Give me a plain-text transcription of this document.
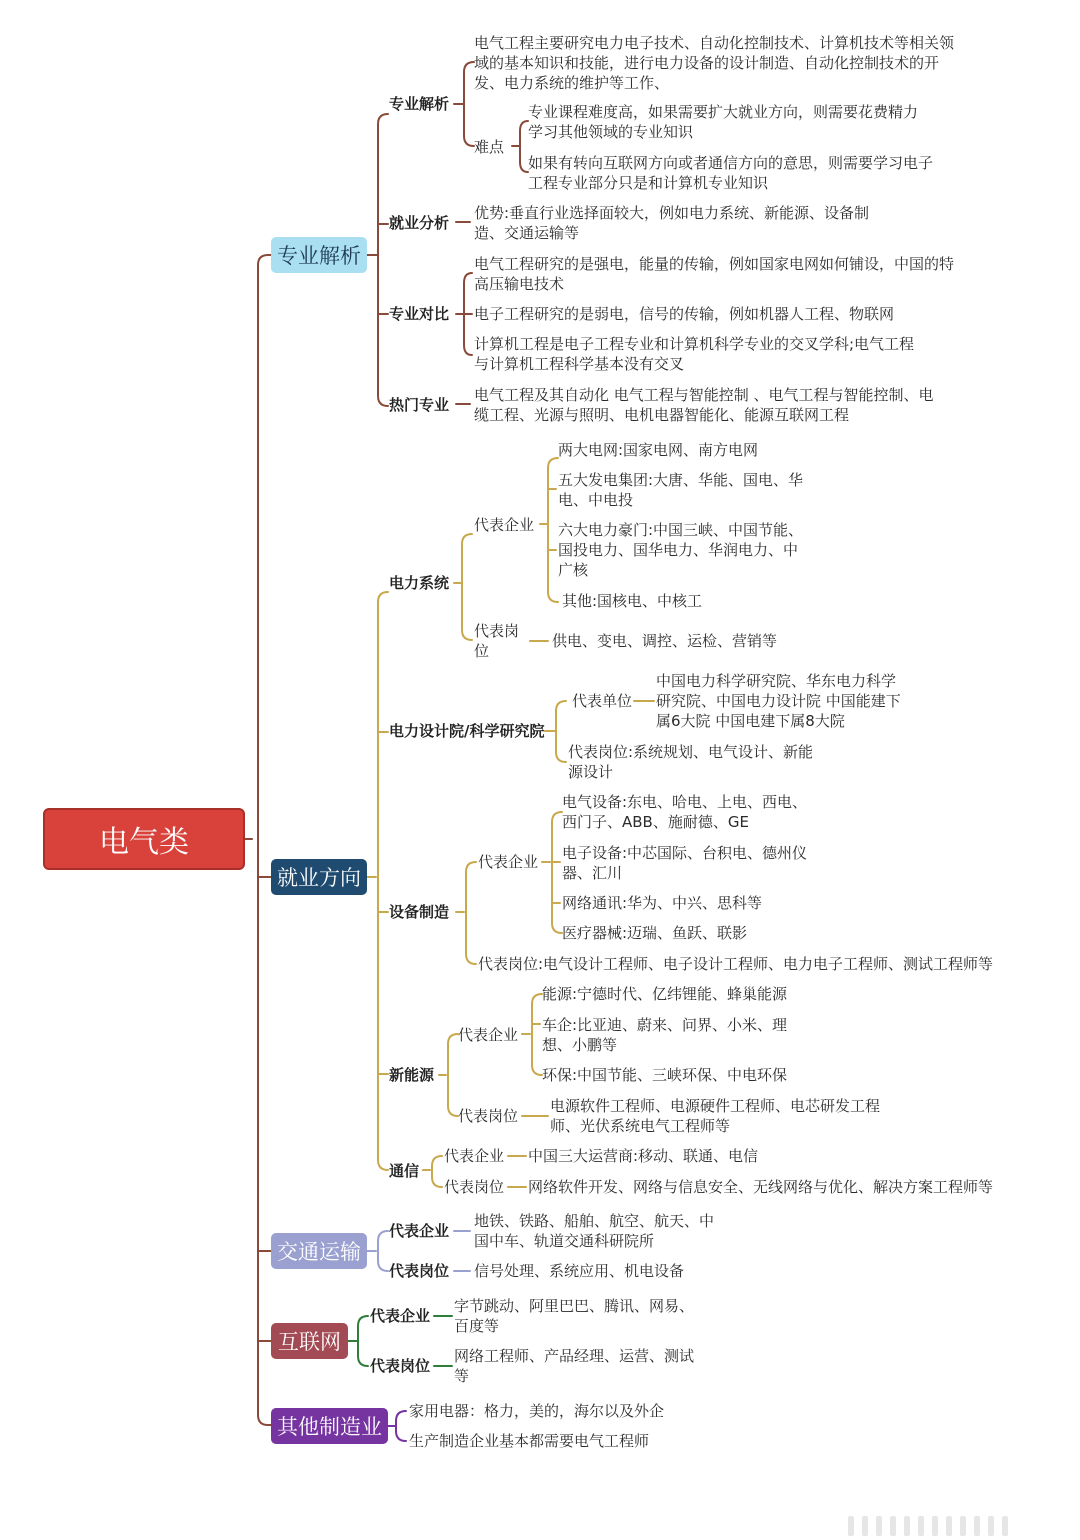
电气类
专业解析
就业方向
交通运输
互联网
其他制造业
专业解析
电气工程主要研究电力电子技术、自动化控制技术、计算机技术等相关领
域的基本知识和技能，进行电力设备的设计制造、自动化控制技术的开
发、电力系统的维护等工作、
难点
专业课程难度高，如果需要扩大就业方向，则需要花费精力
学习其他领域的专业知识
如果有转向互联网方向或者通信方向的意思，则需要学习电子
工程专业部分只是和计算机专业知识
就业分析
优势:垂直行业选择面较大，例如电力系统、新能源、设备制
造、交通运输等
专业对比
电气工程研究的是强电，能量的传输，例如国家电网如何铺设，中国的特
高压输电技术
电子工程研究的是弱电，信号的传输，例如机器人工程、物联网
计算机工程是电子工程专业和计算机科学专业的交叉学科;电气工程
与计算机工程科学基本没有交叉
热门专业
电气工程及其自动化 电气工程与智能控制 、电气工程与智能控制、电
缆工程、光源与照明、电机电器智能化、能源互联网工程
电力系统
代表企业
两大电网:国家电网、南方电网
五大发电集团:大唐、华能、国电、华
电、中电投
六大电力豪门:中国三峡、中国节能、
国投电力、国华电力、华润电力、中
广核
其他:国核电、中核工
代表岗
位
供电、变电、调控、运检、营销等
电力设计院/科学研究院
代表单位
中国电力科学研究院、华东电力科学
研究院、中国电力设计院 中国能建下
属6大院 中国电建下属8大院
代表岗位:系统规划、电气设计、新能
源设计
设备制造
代表企业
电气设备:东电、哈电、上电、西电、
西门子、ABB、施耐德、GE
电子设备:中芯国际、台积电、德州仪
器、汇川
网络通讯:华为、中兴、思科等
医疗器械:迈瑞、鱼跃、联影
代表岗位:电气设计工程师、电子设计工程师、电力电子工程师、测试工程师等
新能源
代表企业
能源:宁德时代、亿纬锂能、蜂巢能源
车企:比亚迪、蔚来、问界、小米、理
想、小鹏等
环保:中国节能、三峡环保、中电环保
代表岗位
电源软件工程师、电源硬件工程师、电芯研发工程
师、光伏系统电气工程师等
通信
代表企业 中国三大运营商:移动、联通、电信
代表岗位 网络软件开发、网络与信息安全、无线网络与优化、解决方案工程师等
代表企业
地铁、铁路、船舶、航空、航天、中
国中车、轨道交通科研院所
代表岗位 信号处理、系统应用、机电设备
代表企业
字节跳动、阿里巴巴、腾讯、网易、
百度等
代表岗位
网络工程师、产品经理、运营、测试
等
家用电器：格力，美的，海尔以及外企
生产制造企业基本都需要电气工程师
